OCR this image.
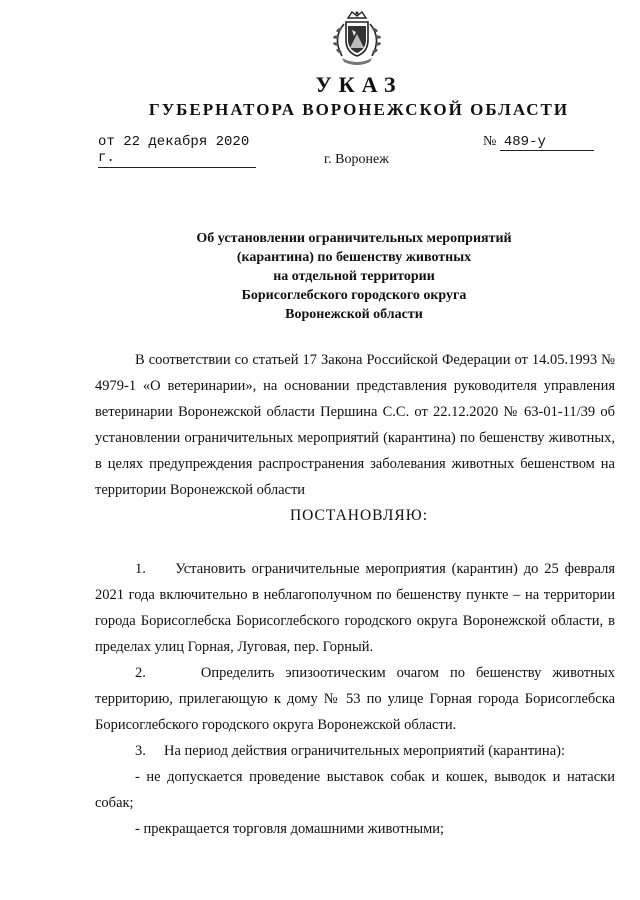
УКАЗ
ГУБЕРНАТОРА ВОРОНЕЖСКОЙ ОБЛАСТИ
от 22 декабря 2020 г.
№ 489-у
г. Воронеж
Об установлении ограничительных мероприятий
(карантина) по бешенству животных
на отдельной территории
Борисоглебского городского округа
Воронежской области
В соответствии со статьей 17 Закона Российской Федерации от 14.05.1993 № 4979-1 «О ветеринарии», на основании представления руководителя управления ветеринарии Воронежской области Першина С.С. от 22.12.2020 № 63-01-11/39 об установлении ограничительных мероприятий (карантина) по бешенству животных, в целях предупреждения распространения заболевания животных бешенством на территории Воронежской области
ПОСТАНОВЛЯЮ:
1.     Установить ограничительные мероприятия (карантин) до 25 февраля 2021 года включительно в неблагополучном по бешенству пункте – на территории города Борисоглебска Борисоглебского городского округа Воронежской области, в пределах улиц Горная, Луговая, пер. Горный.
2.     Определить эпизоотическим очагом по бешенству животных территорию, прилегающую к дому № 53 по улице Горная города Борисоглебска Борисоглебского городского округа Воронежской области.
3.     На период действия ограничительных мероприятий (карантина):
- не допускается проведение выставок собак и кошек, выводок и натаски собак;
- прекращается торговля домашними животными;
